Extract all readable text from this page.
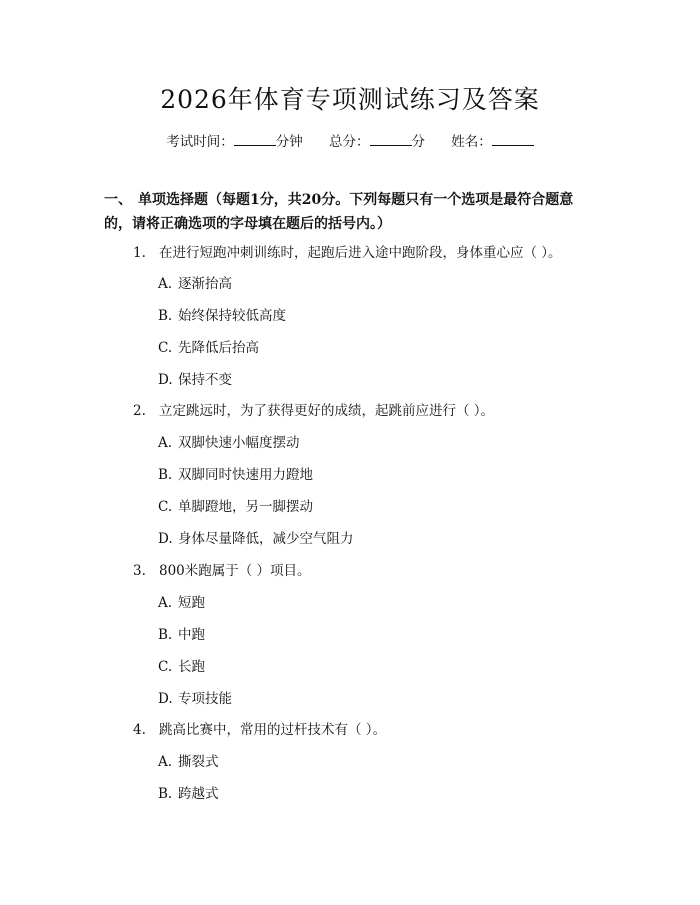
2026年体育专项测试练习及答案
考试时间：	分钟 总分：	分 姓名：
一、 单项选择题（每题1分，共20分。下列每题只有一个选项是最符合题意的，请将正确选项的字母填在题后的括号内。）
1. 在进行短跑冲刺训练时，起跑后进入途中跑阶段，身体重心应（ ）。
A. 逐渐抬高
B. 始终保持较低高度
C. 先降低后抬高
D. 保持不变
2. 立定跳远时，为了获得更好的成绩，起跳前应进行（ ）。
A. 双脚快速小幅度摆动
B. 双脚同时快速用力蹬地
C. 单脚蹬地，另一脚摆动
D. 身体尽量降低，减少空气阻力
3. 800米跑属于（ ）项目。
A. 短跑
B. 中跑
C. 长跑
D. 专项技能
4. 跳高比赛中，常用的过杆技术有（ ）。
A. 撕裂式
B. 跨越式
